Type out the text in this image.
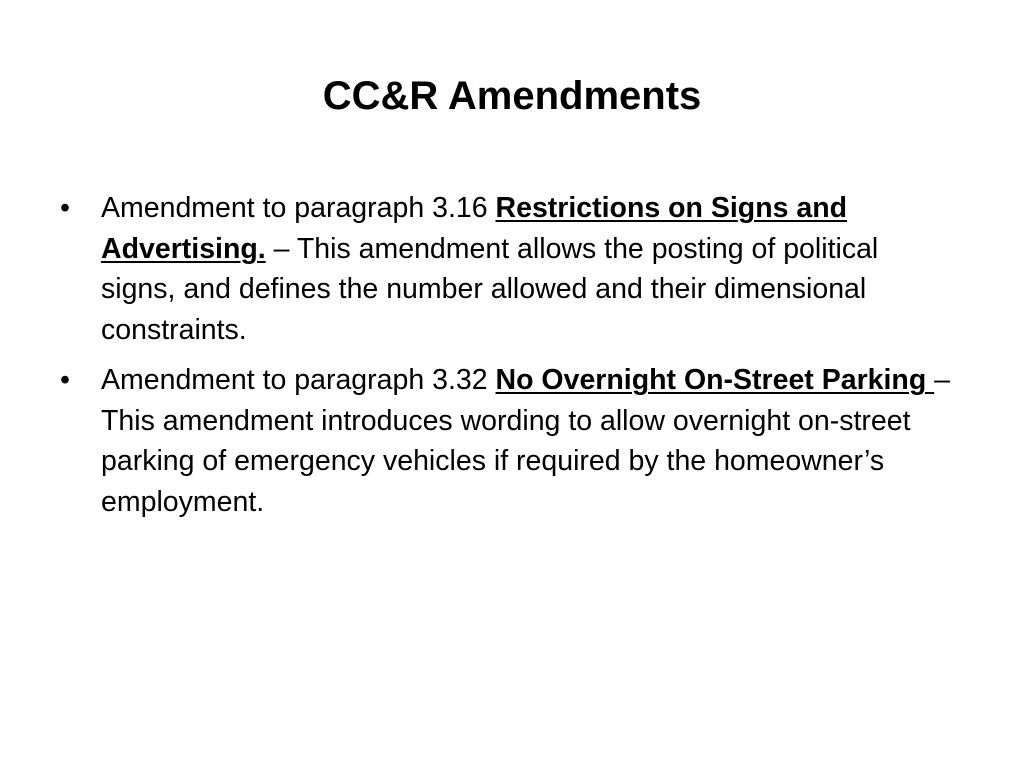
CC&R Amendments
• Amendment to paragraph 3.16 Restrictions on Signs and Advertising. – This amendment allows the posting of political signs, and defines the number allowed and their dimensional constraints.
• Amendment to paragraph 3.32 No Overnight On-Street Parking – This amendment introduces wording to allow overnight on-street parking of emergency vehicles if required by the homeowner’s employment.
